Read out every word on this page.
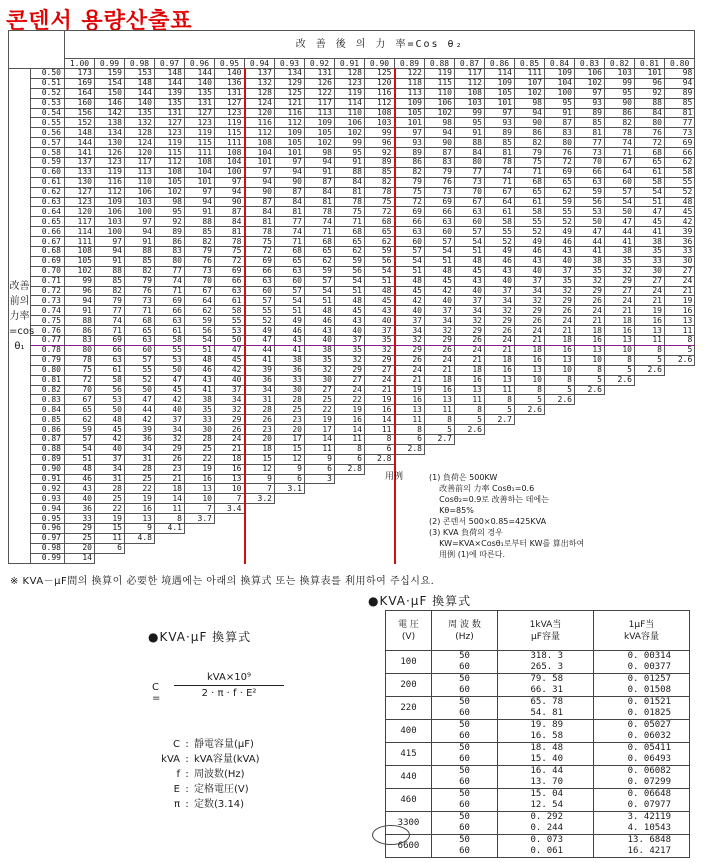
콘덴서 용량산출표
		改 善 後 의 力 率=Cos θ₂																				
		1.00	0.99	0.98	0.97	0.96	0.95	0.94	0.93	0.92	0.91	0.90	0.89	0.88	0.87	0.86	0.85	0.84	0.83	0.82	0.81	0.80
改善前의力率=cos θ₁	0.50	173	159	153	148	144	140	137	134	131	128	125	122	119	117	114	111	109	106	103	101	98
	0.51	169	154	148	144	140	136	132	129	126	123	120	118	115	112	109	107	104	102	99	96	94
	0.52	164	150	144	139	135	131	128	125	122	119	116	113	110	108	105	102	100	97	95	92	89
	0.53	160	146	140	135	131	127	124	121	117	114	112	109	106	103	101	98	95	93	90	88	85
	0.54	156	142	135	131	127	123	120	116	113	110	108	105	102	99	97	94	91	89	86	84	81
	0.55	152	138	132	127	123	119	116	112	109	106	103	101	98	95	93	90	87	85	82	80	77
	0.56	148	134	128	123	119	115	112	109	105	102	99	97	94	91	89	86	83	81	78	76	73
	0.57	144	130	124	119	115	111	108	105	102	99	96	93	90	88	85	82	80	77	74	72	69
	0.58	141	126	120	115	111	108	104	101	98	95	92	89	87	84	81	79	76	73	71	68	66
	0.59	137	123	117	112	108	104	101	97	94	91	89	86	83	80	78	75	72	70	67	65	62
	0.60	133	119	113	108	104	100	97	94	91	88	85	82	79	77	74	71	69	66	64	61	58
	0.61	130	116	110	105	101	97	94	90	87	84	82	79	76	73	71	68	65	63	60	58	55
	0.62	127	112	106	102	97	94	90	87	84	81	78	75	73	70	67	65	62	59	57	54	52
	0.63	123	109	103	98	94	90	87	84	81	78	75	72	69	67	64	61	59	56	54	51	48
	0.64	120	106	100	95	91	87	84	81	78	75	72	69	66	63	61	58	55	53	50	47	45
	0.65	117	103	97	92	88	84	81	77	74	71	68	66	63	60	58	55	52	50	47	45	42
	0.66	114	100	94	89	85	81	78	74	71	68	65	63	60	57	55	52	49	47	44	41	39
	0.67	111	97	91	86	82	78	75	71	68	65	62	60	57	54	52	49	46	44	41	38	36
	0.68	108	94	88	83	79	75	72	68	65	62	59	57	54	51	49	46	43	41	38	35	33
	0.69	105	91	85	80	76	72	69	65	62	59	56	54	51	48	46	43	40	38	35	33	30
	0.70	102	88	82	77	73	69	66	63	59	56	54	51	48	45	43	40	37	35	32	30	27
	0.71	99	85	79	74	70	66	63	60	57	54	51	48	45	43	40	37	35	32	29	27	24
	0.72	96	82	76	71	67	63	60	57	54	51	48	45	42	40	37	34	32	29	27	24	21
	0.73	94	79	73	69	64	61	57	54	51	48	45	42	40	37	34	32	29	26	24	21	19
	0.74	91	77	71	66	62	58	55	51	48	45	43	40	37	34	32	29	26	24	21	19	16
	0.75	88	74	68	63	59	55	52	49	46	43	40	37	34	32	29	26	24	21	18	16	13
	0.76	86	71	65	61	56	53	49	46	43	40	37	34	32	29	26	24	21	18	16	13	11
	0.77	83	69	63	58	54	50	47	43	40	37	35	32	29	26	24	21	18	16	13	11	8
	0.78	80	66	60	55	51	47	44	41	38	35	32	29	26	24	21	18	16	13	10	8	5
	0.79	78	63	57	53	48	45	41	38	35	32	29	26	24	21	18	16	13	10	8	5	2.6
	0.80	75	61	55	50	46	42	39	36	32	29	27	24	21	18	16	13	10	8	5	2.6	
	0.81	72	58	52	47	43	40	36	33	30	27	24	21	18	16	13	10	8	5	2.6		
	0.82	70	56	50	45	41	37	34	30	27	24	21	19	16	13	11	8	5	2.6			
	0.83	67	53	47	42	38	34	31	28	25	22	19	16	13	11	8	5	2.6				
	0.84	65	50	44	40	35	32	28	25	22	19	16	13	11	8	5	2.6					
	0.85	62	48	42	37	33	29	26	23	19	16	14	11	8	5	2.7						
	0.86	59	45	39	34	30	26	23	20	17	14	11	8	5	2.6							
	0.87	57	42	36	32	28	24	20	17	14	11	8	6	2.7								
	0.88	54	40	34	29	25	21	18	15	11	8	6	2.8									
	0.89	51	37	31	26	22	18	15	12	9	6	2.8										
	0.90	48	34	28	23	19	16	12	9	6	2.8											
	0.91	46	31	25	21	16	13	9	6	3												
	0.92	43	28	22	18	13	10	7	3.1													
	0.93	40	25	19	14	10	7	3.2														
	0.94	36	22	16	11	7	3.4															
	0.95	33	19	13	8	3.7																
	0.96	29	15	9	4.1																	
	0.97	25	11	4.8																		
	0.98	20	6																			
	0.99	14																				
用例	(1) 負荷은 500KW
改善前의 力率 Cosθ₁=0.6
Cosθ₂=0.9로 改善하는 데에는
Kθ=85%
(2) 콘덴서 500×0.85=425KVA
(3) KVA 負荷의 경우
KW=KVA×Cosθ₁로부터 KW를 算出하여
用例 (1)에 따른다.
※ KVA－μF間의 換算이 必要한 境遇에는 아래의 換算式 또는 換算表를 利用하여 주십시요.
●KVA·μF 換算式
C =
kVA×10⁹
2 · π · f · E²
C : 靜電容量(μF)
kVA : kVA容量(kVA)
f : 周波数(Hz)
E : 定格電圧(V)
π : 定数(3.14)
●KVA·μF 換算式
電 圧
(V)	周 波 数
(Hz)	1kVA当
μF容量	1μF当
kVA容量
100	50	318. 3	0. 00314
	60	265. 3	0. 00377
200	50	79. 58	0. 01257
	60	66. 31	0. 01508
220	50	65. 78	0. 01521
	60	54. 81	0. 01825
400	50	19. 89	0. 05027
	60	16. 58	0. 06032
415	50	18. 48	0. 05411
	60	15. 40	0. 06493
440	50	16. 44	0. 06082
	60	13. 70	0. 07299
460	50	15. 04	0. 06648
	60	12. 54	0. 07977
3300	50	0. 292	3. 42119
	60	0. 244	4. 10543
6600	50	0. 073	13. 6848
	60	0. 061	16. 4217
